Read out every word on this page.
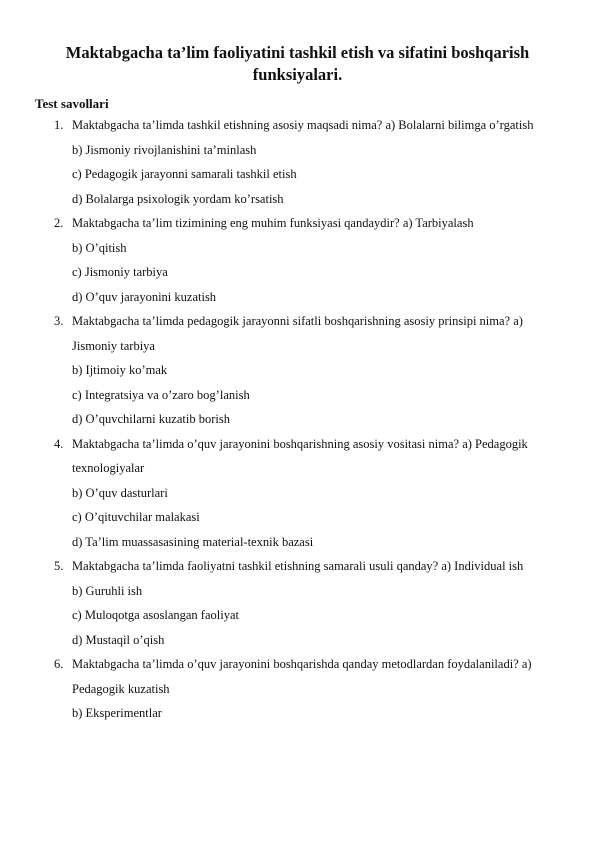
Maktabgacha ta’lim faoliyatini tashkil etish va sifatini boshqarish funksiyalari.
Test savollari
1. Maktabgacha ta’limda tashkil etishning asosiy maqsadi nima? a) Bolalarni bilimga o’rgatish
b) Jismoniy rivojlanishini ta’minlash
c) Pedagogik jarayonni samarali tashkil etish
d) Bolalarga psixologik yordam ko’rsatish
2. Maktabgacha ta’lim tizimining eng muhim funksiyasi qandaydir? a) Tarbiyalash
b) O’qitish
c) Jismoniy tarbiya
d) O’quv jarayonini kuzatish
3. Maktabgacha ta’limda pedagogik jarayonni sifatli boshqarishning asosiy prinsipi nima? a) Jismoniy tarbiya
b) Ijtimoiy ko’mak
c) Integratsiya va o’zaro bog’lanish
d) O’quvchilarni kuzatib borish
4. Maktabgacha ta’limda o’quv jarayonini boshqarishning asosiy vositasi nima? a) Pedagogik texnologiyalar
b) O’quv dasturlari
c) O’qituvchilar malakasi
d) Ta’lim muassasasining material-texnik bazasi
5. Maktabgacha ta’limda faoliyatni tashkil etishning samarali usuli qanday? a) Individual ish
b) Guruhli ish
c) Muloqotga asoslangan faoliyat
d) Mustaqil o’qish
6. Maktabgacha ta’limda o’quv jarayonini boshqarishda qanday metodlardan foydalaniladi? a) Pedagogik kuzatish
b) Eksperimentlar
